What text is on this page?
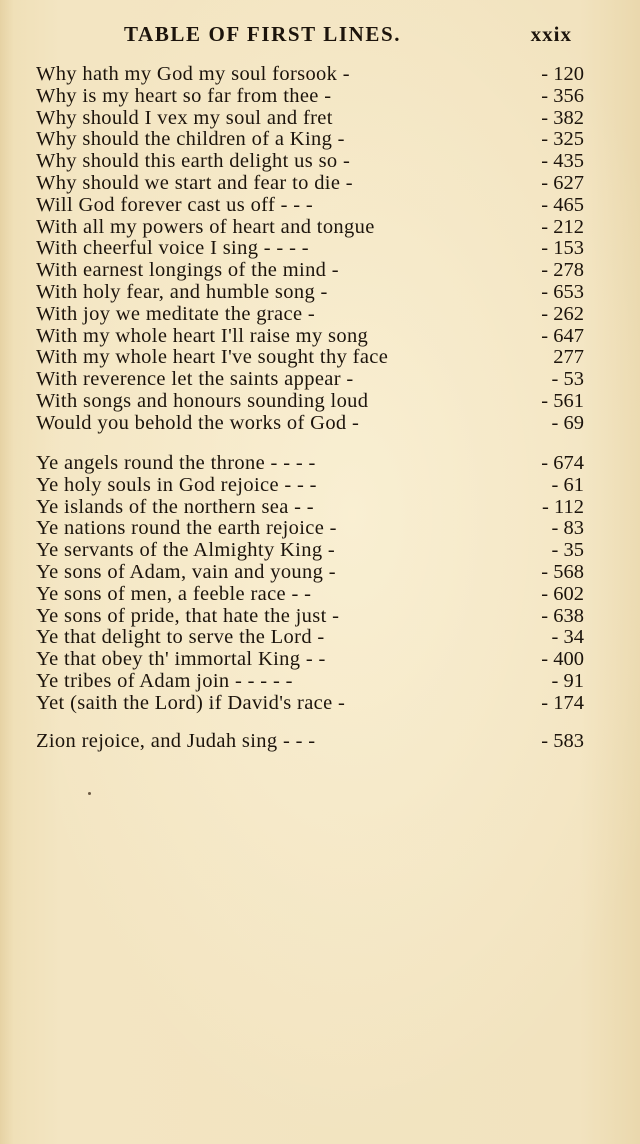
TABLE OF FIRST LINES.	xxix
Why hath my God my soul forsook -	- 120
Why is my heart so far from thee -	- 356
Why should I vex my soul and fret	- 382
Why should the children of a King -	- 325
Why should this earth delight us so -	- 435
Why should we start and fear to die -	- 627
Will God forever cast us off - - -	- 465
With all my powers of heart and tongue	- 212
With cheerful voice I sing - - - -	- 153
With earnest longings of the mind -	- 278
With holy fear, and humble song -	- 653
With joy we meditate the grace -	- 262
With my whole heart I'll raise my song	- 647
With my whole heart I've sought thy face	277
With reverence let the saints appear -	- 53
With songs and honours sounding loud	- 561
Would you behold the works of God -	- 69
Ye angels round the throne - - - -	- 674
Ye holy souls in God rejoice - - -	- 61
Ye islands of the northern sea - -	- 112
Ye nations round the earth rejoice -	- 83
Ye servants of the Almighty King -	- 35
Ye sons of Adam, vain and young -	- 568
Ye sons of men, a feeble race - -	- 602
Ye sons of pride, that hate the just -	- 638
Ye that delight to serve the Lord -	- 34
Ye that obey th' immortal King - -	- 400
Ye tribes of Adam join - - - - -	- 91
Yet (saith the Lord) if David's race -	- 174
Zion rejoice, and Judah sing - - -	- 583
